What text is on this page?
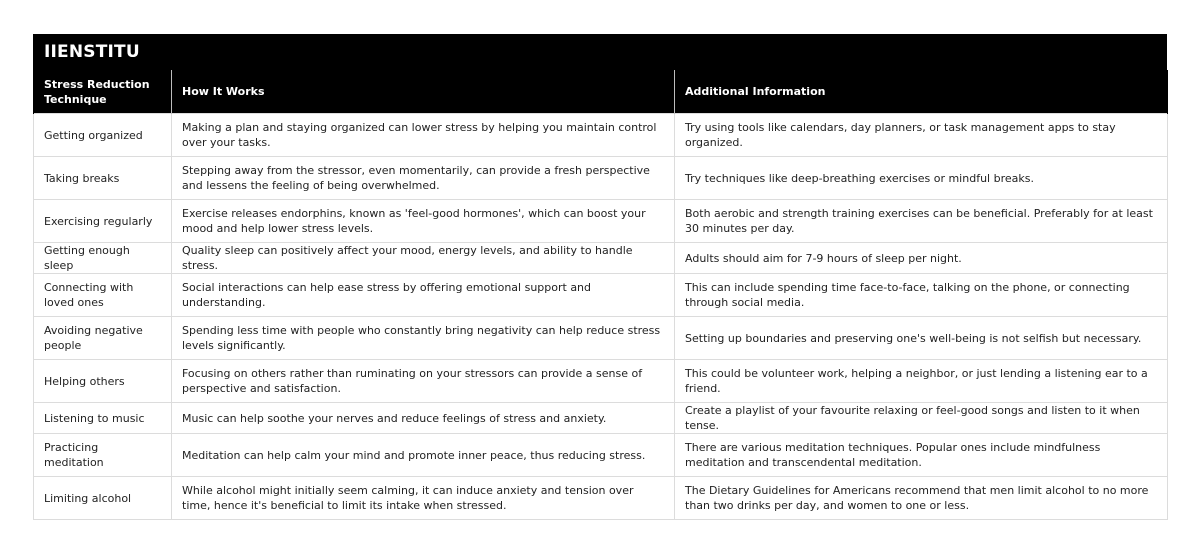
IIENSTITU
Stress Reduction Technique	How It Works	Additional Information
Getting organized	Making a plan and staying organized can lower stress by helping you maintain control over your tasks.	Try using tools like calendars, day planners, or task management apps to stay organized.
Taking breaks	Stepping away from the stressor, even momentarily, can provide a fresh perspective and lessens the feeling of being overwhelmed.	Try techniques like deep-breathing exercises or mindful breaks.
Exercising regularly	Exercise releases endorphins, known as 'feel-good hormones', which can boost your mood and help lower stress levels.	Both aerobic and strength training exercises can be beneficial. Preferably for at least 30 minutes per day.
Getting enough sleep	Quality sleep can positively affect your mood, energy levels, and ability to handle stress.	Adults should aim for 7-9 hours of sleep per night.
Connecting with loved ones	Social interactions can help ease stress by offering emotional support and understanding.	This can include spending time face-to-face, talking on the phone, or connecting through social media.
Avoiding negative people	Spending less time with people who constantly bring negativity can help reduce stress levels significantly.	Setting up boundaries and preserving one's well-being is not selfish but necessary.
Helping others	Focusing on others rather than ruminating on your stressors can provide a sense of perspective and satisfaction.	This could be volunteer work, helping a neighbor, or just lending a listening ear to a friend.
Listening to music	Music can help soothe your nerves and reduce feelings of stress and anxiety.	Create a playlist of your favourite relaxing or feel-good songs and listen to it when tense.
Practicing meditation	Meditation can help calm your mind and promote inner peace, thus reducing stress.	There are various meditation techniques. Popular ones include mindfulness meditation and transcendental meditation.
Limiting alcohol	While alcohol might initially seem calming, it can induce anxiety and tension over time, hence it's beneficial to limit its intake when stressed.	The Dietary Guidelines for Americans recommend that men limit alcohol to no more than two drinks per day, and women to one or less.
